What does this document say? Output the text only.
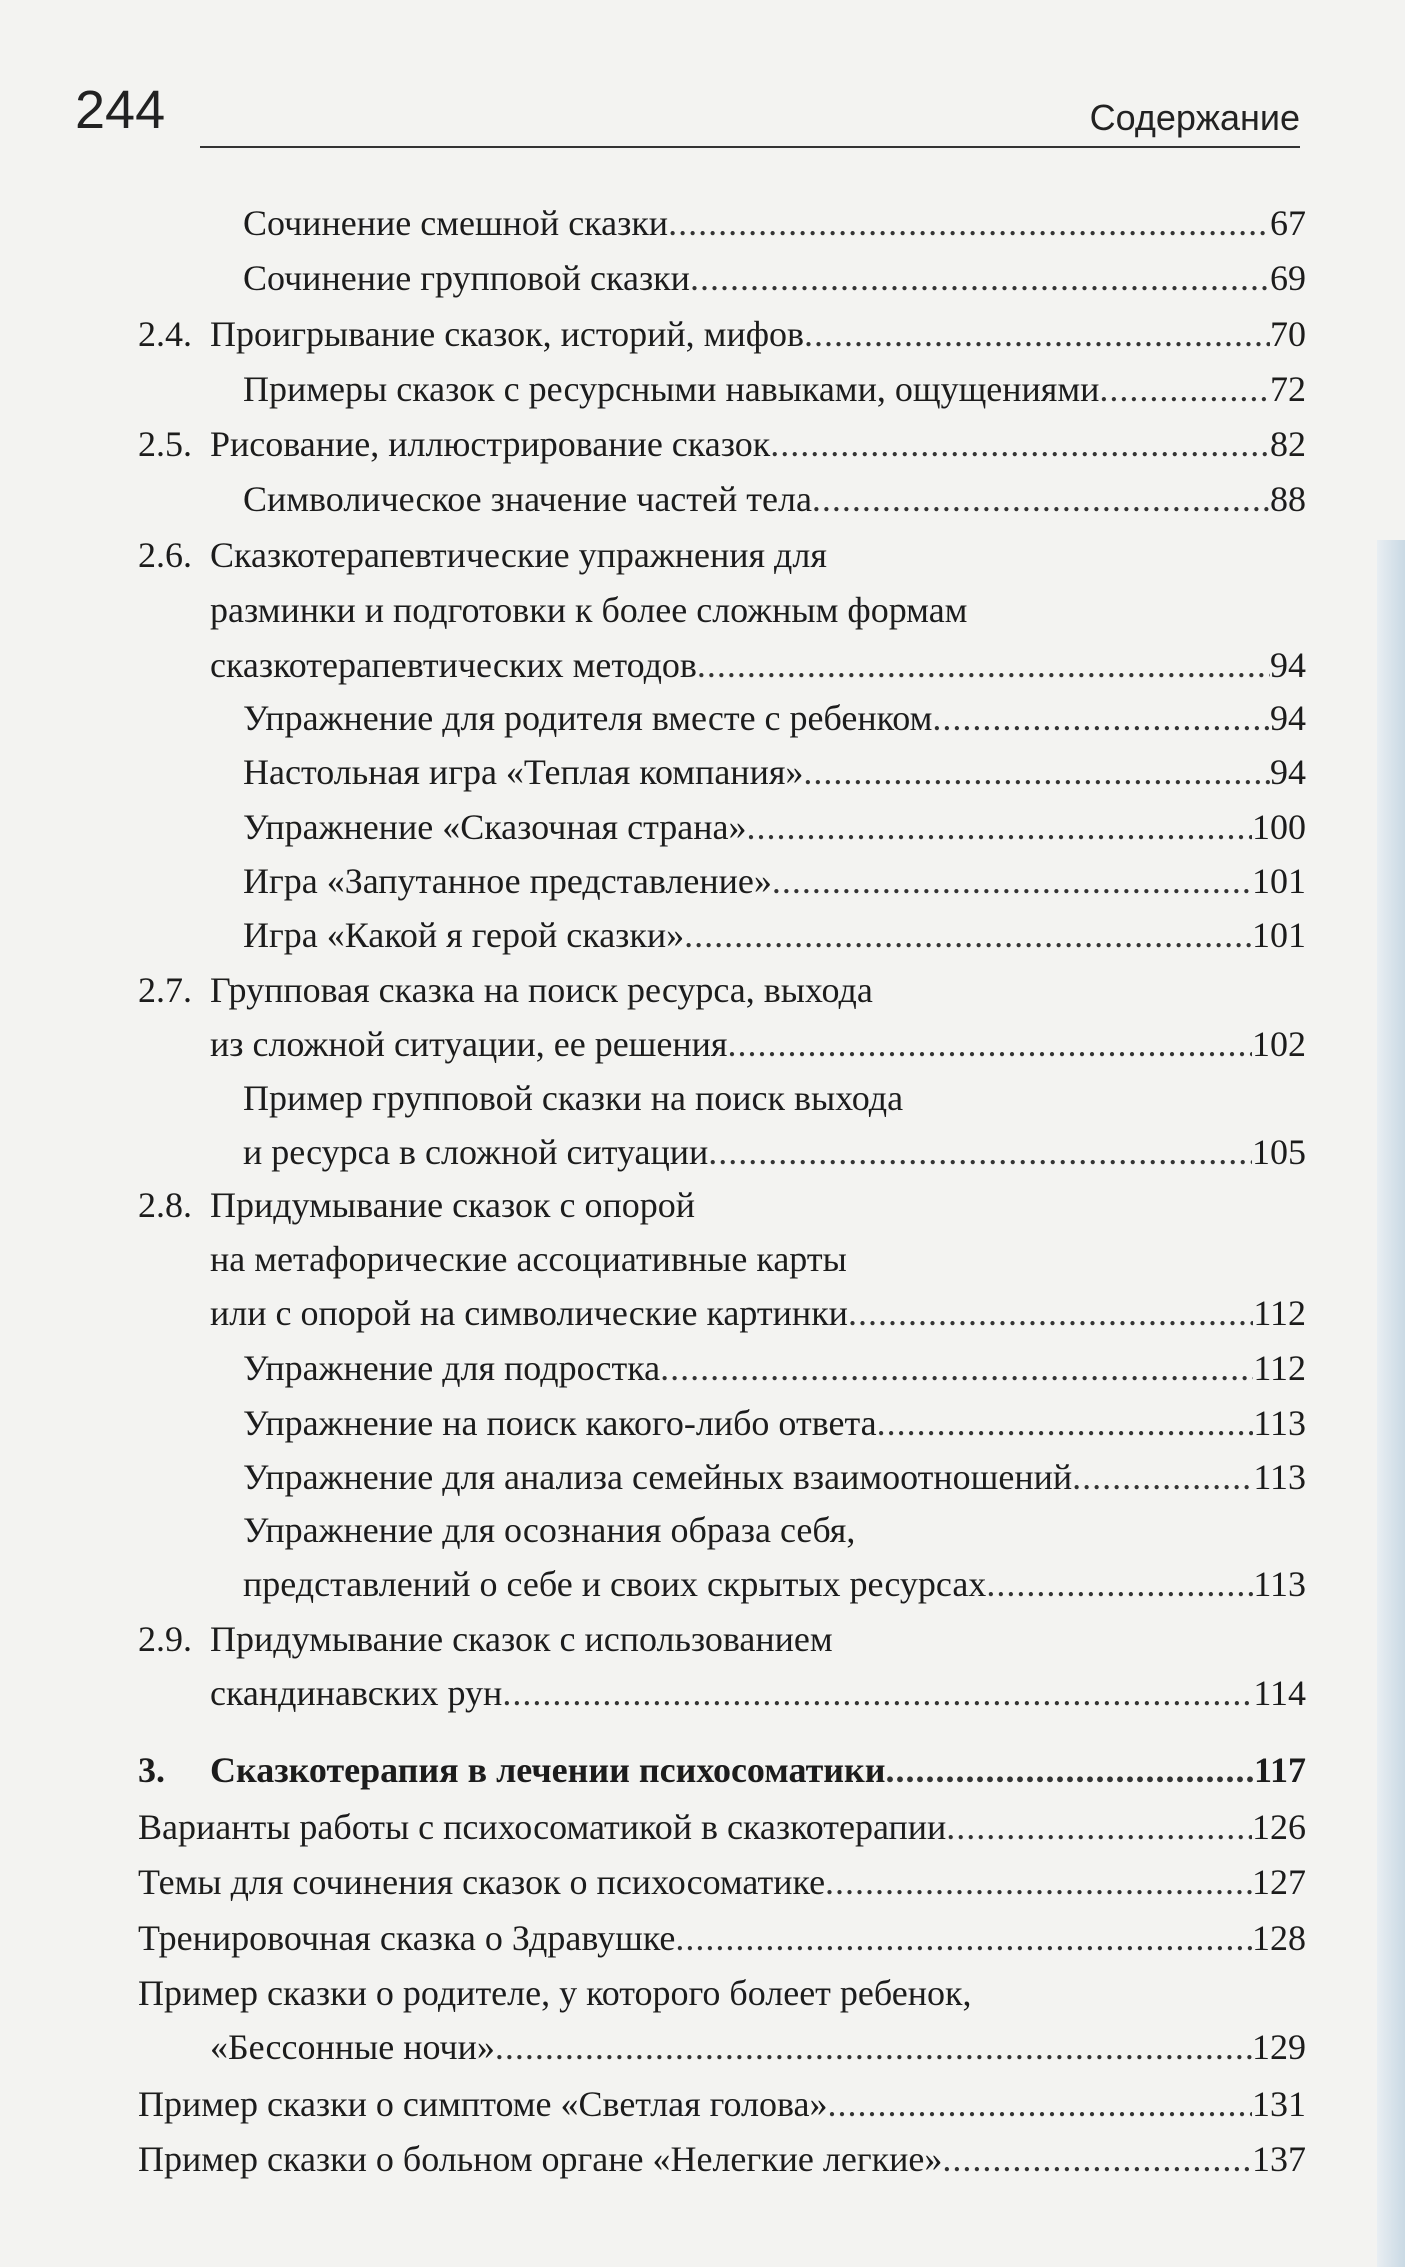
244	Содержание
Сочинение смешной сказки .....	67
Сочинение групповой сказки .....	69
2.4. Проигрывание сказок, историй, мифов .....	70
Примеры сказок с ресурсными навыками, ощущениями .....	72
2.5. Рисование, иллюстрирование сказок .....	82
Символическое значение частей тела .....	88
2.6. Сказкотерапевтические упражнения для
разминки и подготовки к более сложным формам
сказкотерапевтических методов .....	94
Упражнение для родителя вместе с ребенком .....	94
Настольная игра «Теплая компания» .....	94
Упражнение «Сказочная страна» .....	100
Игра «Запутанное представление» .....	101
Игра «Какой я герой сказки» .....	101
2.7. Групповая сказка на поиск ресурса, выхода
из сложной ситуации, ее решения .....	102
Пример групповой сказки на поиск выхода
и ресурса в сложной ситуации .....	105
2.8. Придумывание сказок с опорой
на метафорические ассоциативные карты
или с опорой на символические картинки .....	112
Упражнение для подростка .....	112
Упражнение на поиск какого-либо ответа .....	113
Упражнение для анализа семейных взаимоотношений .....	113
Упражнение для осознания образа себя,
представлений о себе и своих скрытых ресурсах .....	113
2.9. Придумывание сказок с использованием
скандинавских рун .....	114
3. Сказкотерапия в лечении психосоматики .....	117
Варианты работы с психосоматикой в сказкотерапии .....	126
Темы для сочинения сказок о психосоматике .....	127
Тренировочная сказка о Здравушке .....	128
Пример сказки о родителе, у которого болеет ребенок,
«Бессонные ночи» .....	129
Пример сказки о симптоме «Светлая голова» .....	131
Пример сказки о больном органе «Нелегкие легкие» .....	137
